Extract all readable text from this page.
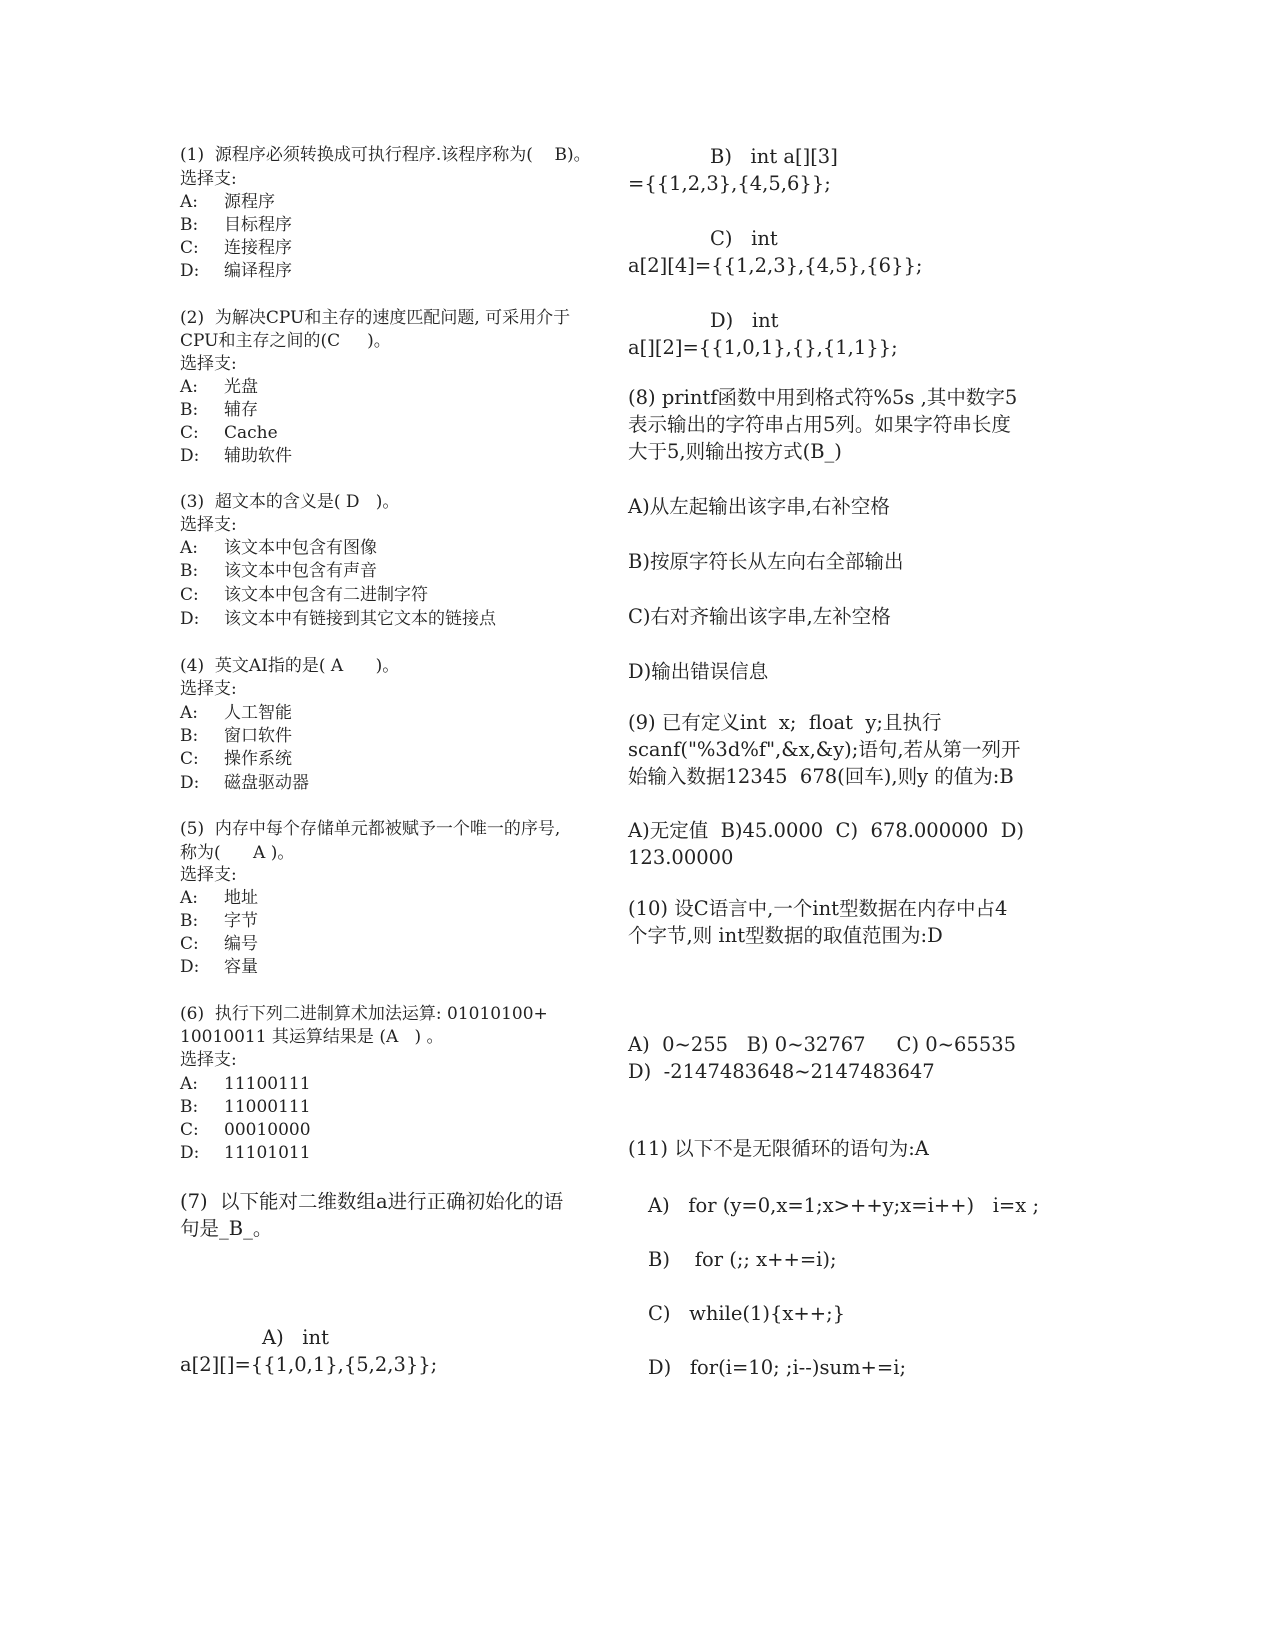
(1)  源程序必须转换成可执行程序.该程序称为(    B)。
选择支:
A: 源程序
B: 目标程序
C: 连接程序
D: 编译程序
(2)  为解决CPU和主存的速度匹配问题, 可采用介于
CPU和主存之间的(C     )。
选择支:
A: 光盘
B: 辅存
C: Cache
D: 辅助软件
(3)  超文本的含义是( D   )。
选择支:
A: 该文本中包含有图像
B: 该文本中包含有声音
C: 该文本中包含有二进制字符
D: 该文本中有链接到其它文本的链接点
(4)  英文AI指的是( A      )。
选择支:
A: 人工智能
B: 窗口软件
C: 操作系统
D: 磁盘驱动器
(5)  内存中每个存储单元都被赋予一个唯一的序号,
称为(      A )。
选择支:
A: 地址
B: 字节
C: 编号
D: 容量
(6)  执行下列二进制算术加法运算: 01010100+
10010011 其运算结果是 (A   ) 。
选择支:
A: 11100111
B: 11000111
C: 00010000
D: 11101011
(7)  以下能对二维数组a进行正确初始化的语
句是_B_。
A)   int
a[2][]={{1,0,1},{5,2,3}};
B)   int a[][3]
={{1,2,3},{4,5,6}};
C)   int
a[2][4]={{1,2,3},{4,5},{6}};
D)   int
a[][2]={{1,0,1},{},{1,1}};
(8) printf函数中用到格式符%5s ,其中数字5
表示输出的字符串占用5列。如果字符串长度
大于5,则输出按方式(B_)
A)从左起输出该字串,右补空格
B)按原字符长从左向右全部输出
C)右对齐输出该字串,左补空格
D)输出错误信息
(9) 已有定义int  x;  float  y;且执行
scanf("%3d%f",&x,&y);语句,若从第一列开
始输入数据12345  678(回车),则y 的值为:B
A)无定值  B)45.0000  C)  678.000000  D)
123.00000
(10) 设C语言中,一个int型数据在内存中占4
个字节,则 int型数据的取值范围为:D
A)  0~255   B) 0~32767     C) 0~65535
D)  -2147483648~2147483647
(11) 以下不是无限循环的语句为:A
A)   for (y=0,x=1;x>++y;x=i++)   i=x ;
B)    for (;; x++=i);
C)   while(1){x++;}
D)   for(i=10; ;i--)sum+=i;
